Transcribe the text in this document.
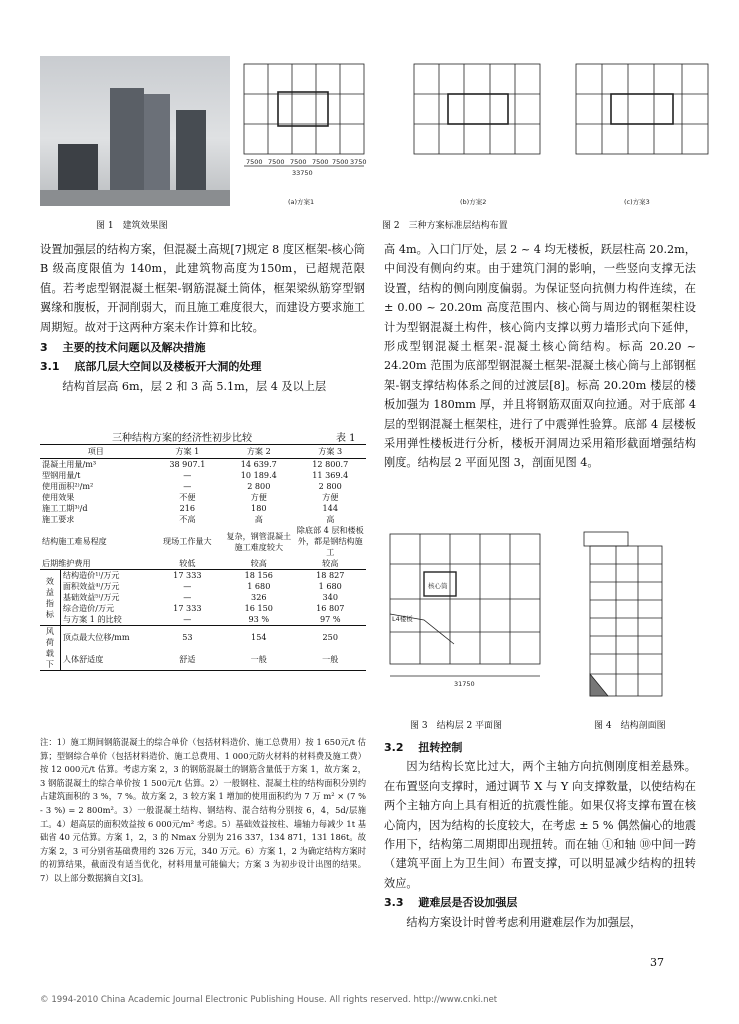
图 1　建筑效果图
7500 7500 7500 7500 7500 3750
33750
(a)方案1	(b)方案2	(c)方案3
图 2　三种方案标准层结构布置

设置加强层的结构方案，但混凝土高规[7]规定 8 度区框架-核心筒 B 级高度限值为 140m，此建筑物高度为150m，已超规范限值。若考虑型钢混凝土框架-钢筋混凝土筒体，框架梁纵筋穿型钢翼缘和腹板，开洞削弱大，而且施工难度很大，而建设方要求施工周期短。故对于这两种方案未作计算和比较。

3　 主要的技术问题以及解决措施

3.1　 底部几层大空间以及楼板开大洞的处理

结构首层高 6m，层 2 和 3 高 5.1m，层 4 及以上层

三种结构方案的经济性初步比较	表 1
项目		方案 1	方案 2	方案 3
混凝土用量/m³		38 907.1	14 639.7	12 800.7
型钢用量/t		—	10 189.4	11 369.4
使用面积²⁾/m²		—	2 800	2 800
使用效果		不便	方便	方便
施工工期³⁾/d		216	180	144
施工要求		不高	高	高
结构施工难易程度		现场工作量大	复杂，钢管混凝土施工难度较大	除底部 4 层和楼板外，都是钢结构施工
后期维护费用		较低	较高	较高
效益指标	结构造价¹⁾/万元	17 333	18 156	18 827
	面积效益⁴⁾/万元	—	1 680	1 680
	基础效益⁵⁾/万元	—	326	340
	综合造价/万元	17 333	16 150	16 807
	与方案 1 的比较	—	93 %	97 %
风荷载下	顶点最大位移/mm	53	154	250
	人体舒适度	舒适	一般	一般

注：1）施工期间钢筋混凝土的综合单价（包括材料造价、施工总费用）按 1 650元/t 估算；型钢综合单价（包括材料造价、施工总费用、1 000元防火材料的材料费及施工费）按 12 000元/t 估算。考虑方案 2，3 的钢筋混凝土的钢筋含量低于方案 1，故方案 2，3 钢筋混凝土的综合单价按 1 500元/t 估算。2）一般钢柱、混凝土柱的结构面积分别约占建筑面积的 3 %，7 %。故方案 2，3 较方案 1 增加的使用面积约为 7 万 m² × (7 % - 3 %) = 2 800m²。3）一般混凝土结构、钢结构、混合结构分别按 6，4，5d/层施工。4）超高层的面积效益按 6 000元/m² 考虑。5）基础效益按柱、墙轴力每减少 1t 基础省 40 元估算。方案 1，2，3 的 Nmax 分别为 216 337，134 871，131 186t。故方案 2，3 可分别省基础费用约 326 万元，340 万元。6）方案 1，2 为确定结构方案时的初算结果，截面没有适当优化，材料用量可能偏大；方案 3 为初步设计出图的结果。7）以上部分数据摘自文[3]。

高 4m。入口门厅处，层 2 ~ 4 均无楼板，跃层柱高 20.2m，中间没有侧向约束。由于建筑门洞的影响，一些竖向支撑无法设置，结构的侧向刚度偏弱。为保证竖向抗侧力构件连续，在 ± 0.00 ~ 20.20m 高度范围内、核心筒与周边的钢框架柱设计为型钢混凝土构件，核心筒内支撑以剪力墙形式向下延伸，形成型钢混凝土框架-混凝土核心筒结构。标高 20.20 ~ 24.20m 范围为底部型钢混凝土框架-混凝土核心筒与上部钢框架-钢支撑结构体系之间的过渡层[8]。标高 20.20m 楼层的楼板加强为 180mm 厚，并且将钢筋双面双向拉通。对于底部 4 层的型钢混凝土框架柱，进行了中震弹性验算。底部 4 层楼板采用弹性楼板进行分析，楼板开洞周边采用箱形截面增强结构刚度。结构层 2 平面见图 3，剖面见图 4。

核心筒
L4楼板
31750
图 3　结构层 2 平面图	图 4　结构剖面图

3.2　 扭转控制

因为结构长宽比过大，两个主轴方向抗侧刚度相差悬殊。在布置竖向支撑时，通过调节 X 与 Y 向支撑数量，以使结构在两个主轴方向上具有相近的抗震性能。如果仅将支撑布置在核心筒内，因为结构的长度较大，在考虑 ± 5 % 偶然偏心的地震作用下，结构第二周期即出现扭转。而在轴 ①和轴 ⑩中间一跨（建筑平面上为卫生间）布置支撑，可以明显减少结构的扭转效应。

3.3　 避难层是否设加强层

结构方案设计时曾考虑利用避难层作为加强层，

37
© 1994-2010 China Academic Journal Electronic Publishing House. All rights reserved. http://www.cnki.net
